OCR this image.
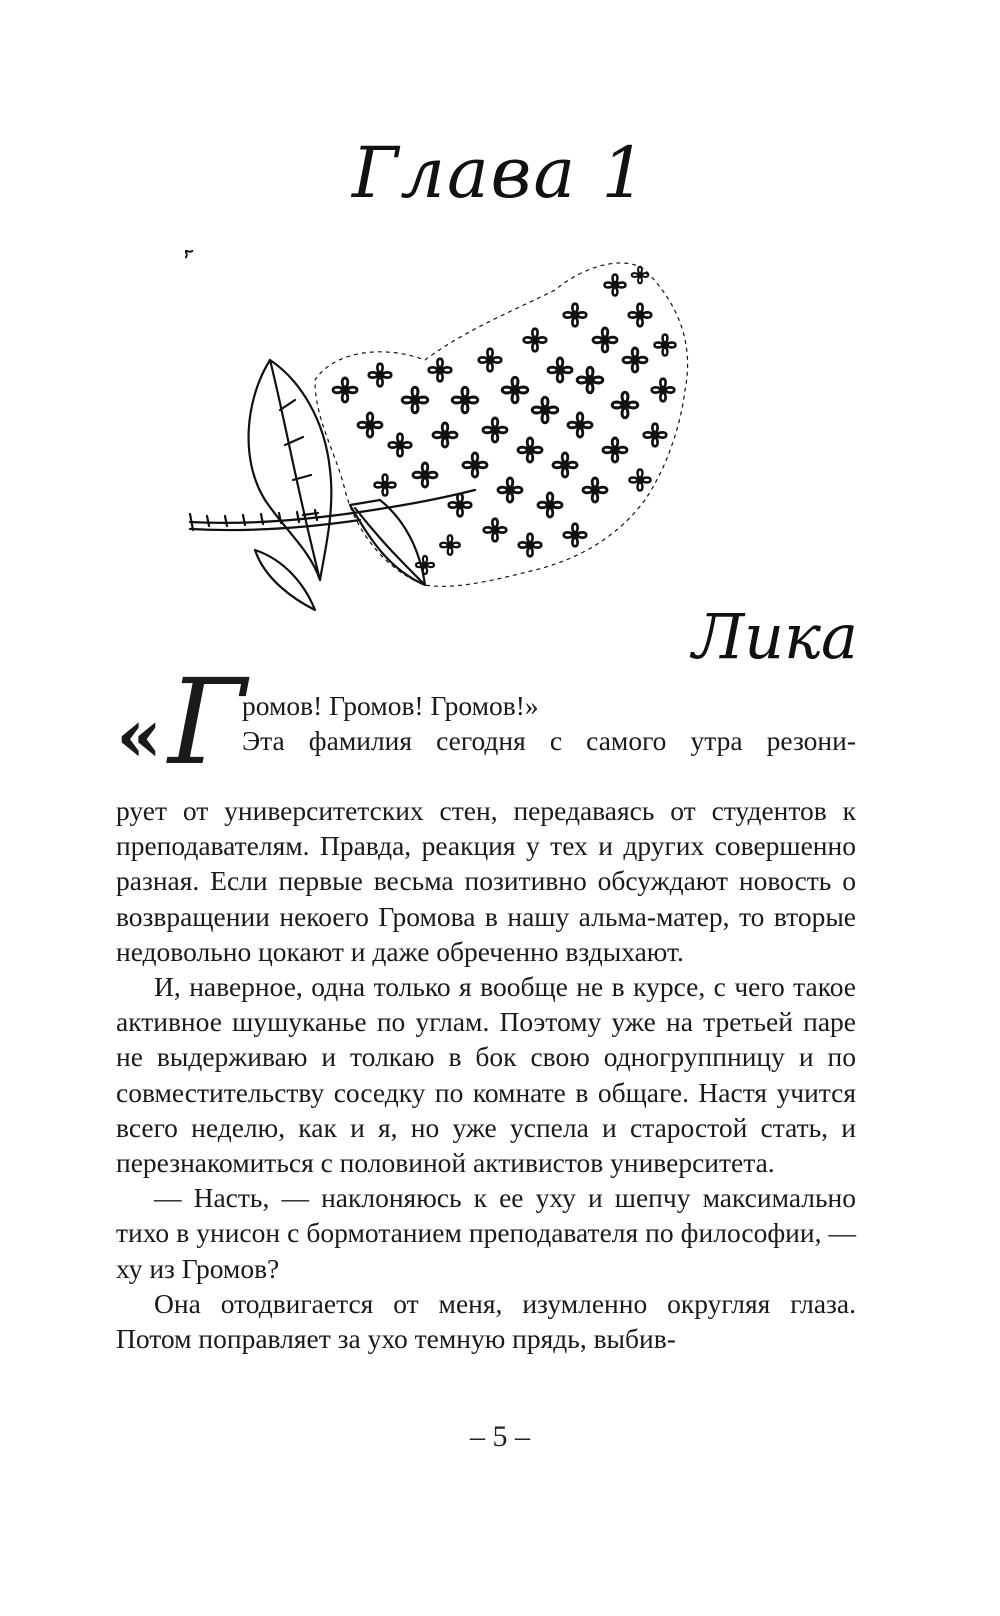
Глава 1
Лика
« Г
ромов! Громов! Громов!»
Эта фамилия сегодня с самого утра резони-

рует от университетских стен, передаваясь от студентов к преподавателям. Правда, реакция у тех и других совершенно разная. Если первые весьма позитивно обсуждают новость о возвращении некоего Громова в нашу альма-матер, то вторые недовольно цокают и даже обреченно вздыхают.

И, наверное, одна только я вообще не в курсе, с чего такое активное шушуканье по углам. Поэтому уже на третьей паре не выдерживаю и толкаю в бок свою одногруппницу и по совместительству соседку по комнате в общаге. Настя учится всего неделю, как и я, но уже успела и старостой стать, и перезнакомиться с половиной активистов университета.

— Насть, — наклоняюсь к ее уху и шепчу максимально тихо в унисон с бормотанием преподавателя по философии, — ху из Громов?

Она отодвигается от меня, изумленно округляя глаза. Потом поправляет за ухо темную прядь, выбив-

– 5 –
